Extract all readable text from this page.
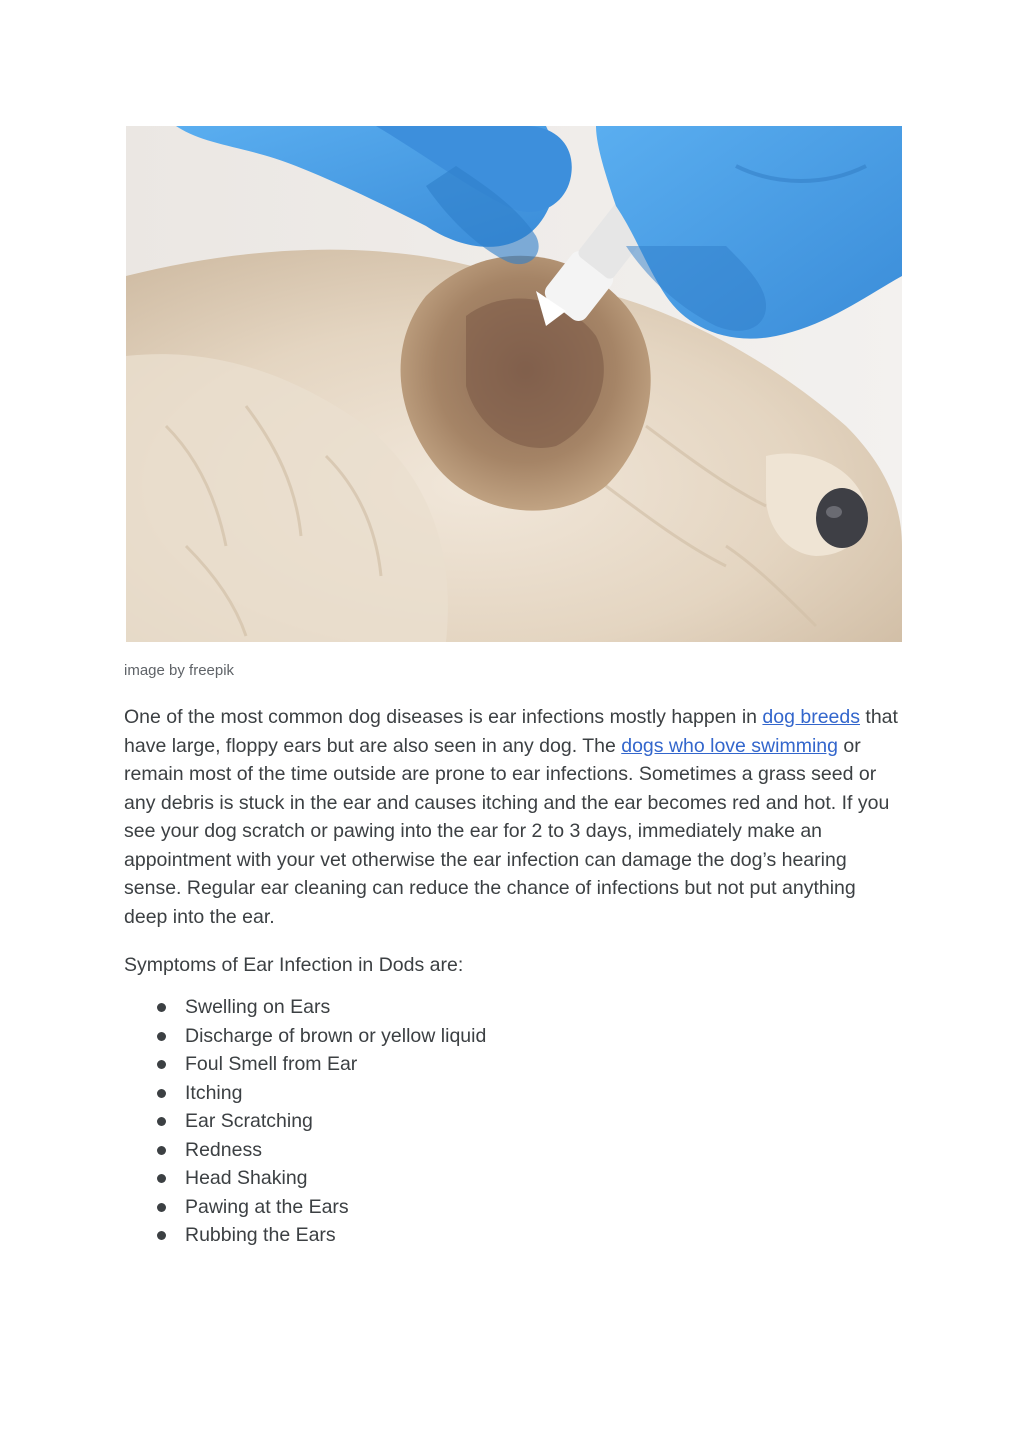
image by freepik

One of the most common dog diseases is ear infections mostly happen in dog breeds that have large, floppy ears but are also seen in any dog. The dogs who love swimming or remain most of the time outside are prone to ear infections. Sometimes a grass seed or any debris is stuck in the ear and causes itching and the ear becomes red and hot. If you see your dog scratch or pawing into the ear for 2 to 3 days, immediately make an appointment with your vet otherwise the ear infection can damage the dog’s hearing sense. Regular ear cleaning can reduce the chance of infections but not put anything deep into the ear.

Symptoms of Ear Infection in Dods are:

Swelling on Ears
Discharge of brown or yellow liquid
Foul Smell from Ear
Itching
Ear Scratching
Redness
Head Shaking
Pawing at the Ears
Rubbing the Ears
